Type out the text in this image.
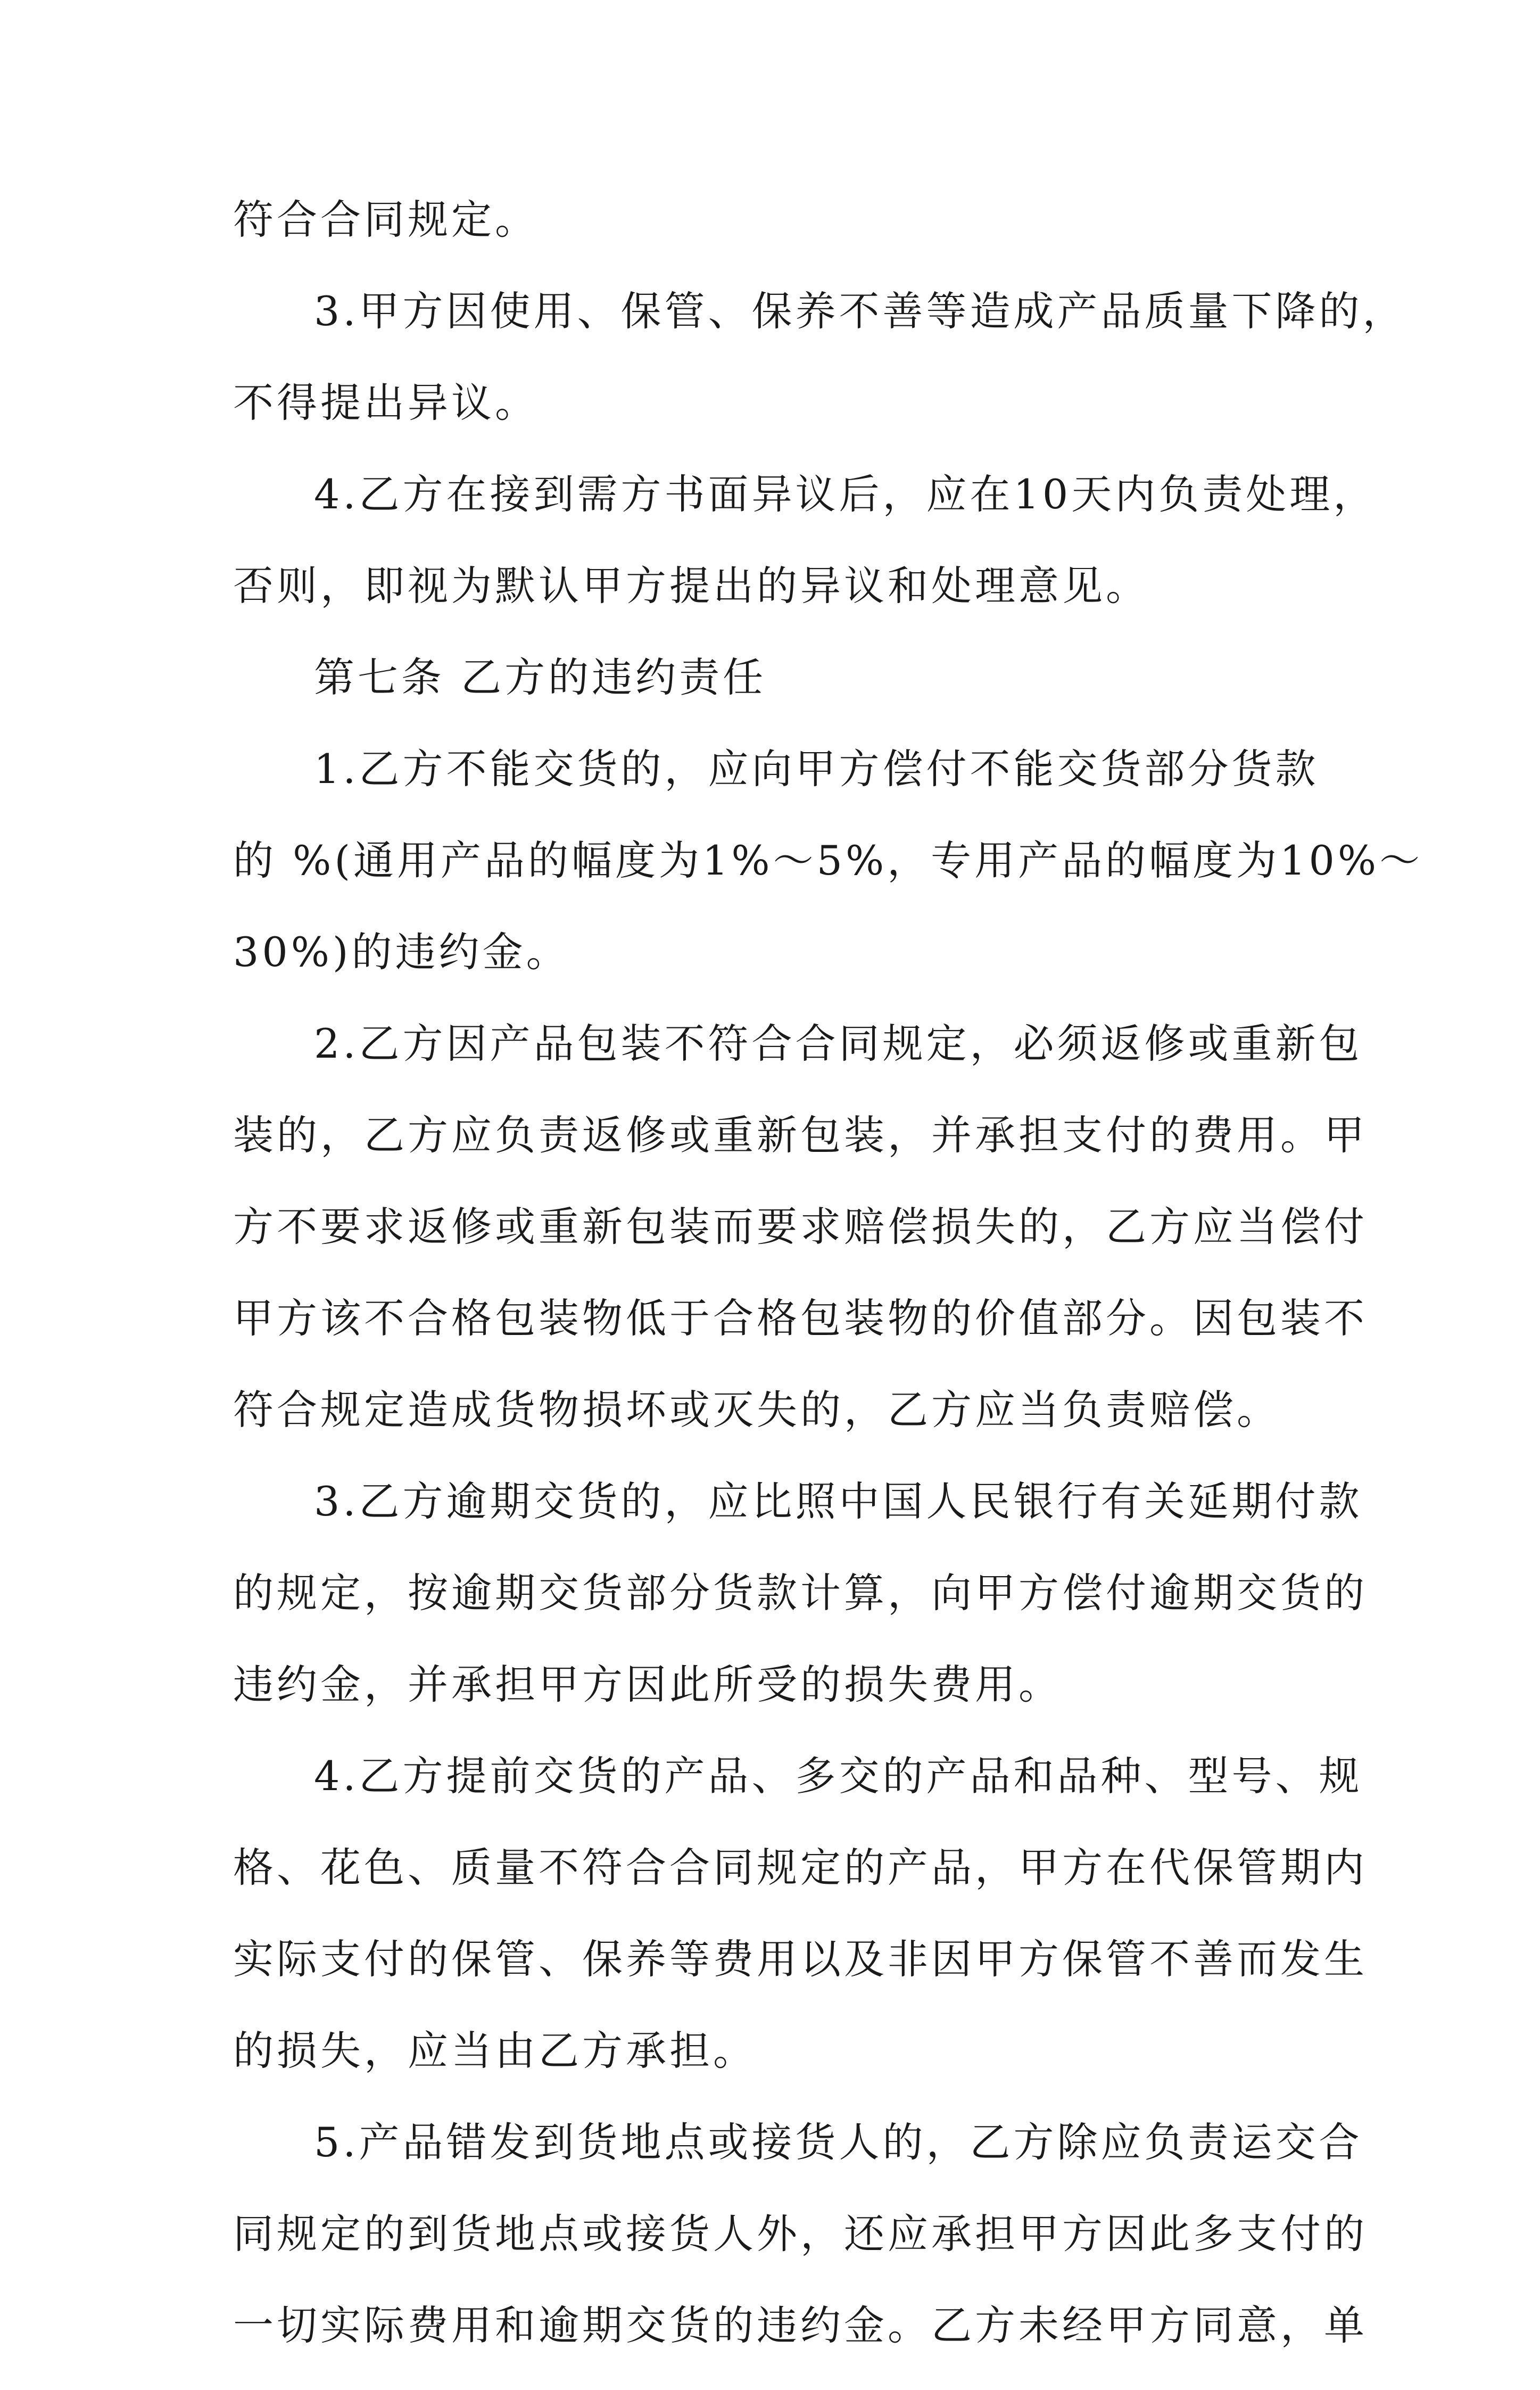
符合合同规定。
3.甲方因使用、保管、保养不善等造成产品质量下降的，
不得提出异议。
4.乙方在接到需方书面异议后，应在10天内负责处理，
否则，即视为默认甲方提出的异议和处理意见。
第七条 乙方的违约责任
1.乙方不能交货的，应向甲方偿付不能交货部分货款
的 %(通用产品的幅度为1%～5%，专用产品的幅度为10%～
30%)的违约金。
2.乙方因产品包装不符合合同规定，必须返修或重新包
装的，乙方应负责返修或重新包装，并承担支付的费用。甲
方不要求返修或重新包装而要求赔偿损失的，乙方应当偿付
甲方该不合格包装物低于合格包装物的价值部分。因包装不
符合规定造成货物损坏或灭失的，乙方应当负责赔偿。
3.乙方逾期交货的，应比照中国人民银行有关延期付款
的规定，按逾期交货部分货款计算，向甲方偿付逾期交货的
违约金，并承担甲方因此所受的损失费用。
4.乙方提前交货的产品、多交的产品和品种、型号、规
格、花色、质量不符合合同规定的产品，甲方在代保管期内
实际支付的保管、保养等费用以及非因甲方保管不善而发生
的损失，应当由乙方承担。
5.产品错发到货地点或接货人的，乙方除应负责运交合
同规定的到货地点或接货人外，还应承担甲方因此多支付的
一切实际费用和逾期交货的违约金。乙方未经甲方同意，单
